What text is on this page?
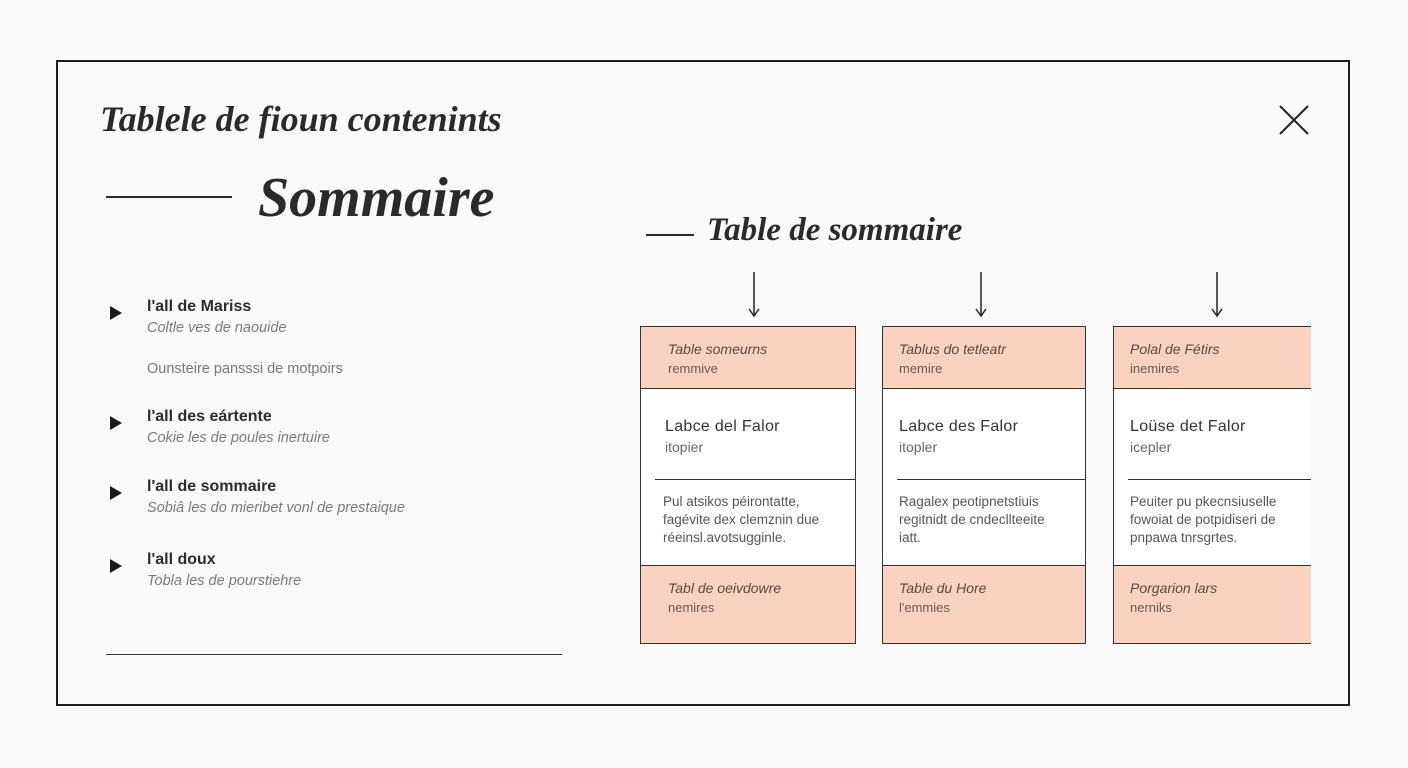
Tablele de fioun contenints
Sommaire
l'all de Mariss
Coltle ves de naouide
Ounsteire pansssi de motpoirs
l'all des eártente
Cokie les de poules inertuire
l'all de sommaire
Sobiâ les do mieribet vonl de prestaique
l'all doux
Tobla les de pourstiehre
Table de sommaire
Table someurns
remmive
Labce del Falor
itopier
Pul atsikos péirontatte,
fagévite dex clemznin due
réeinsl.avotsugginle.
Tabl de oeivdowre
nemires
Tablus do tetleatr
memire
Labce des Falor
itopler
Ragalex peotipnetstiuis
regitnidt de cndecllteeite
iatt.
Table du Hore
l'emmies
Polal de Fétirs
inemires
Loüse det Falor
icepler
Peuiter pu pkecnsiuselle
fowoiat de potpidiseri de
pnpawa tnrsgrtes.
Porgarion lars
nerniks
